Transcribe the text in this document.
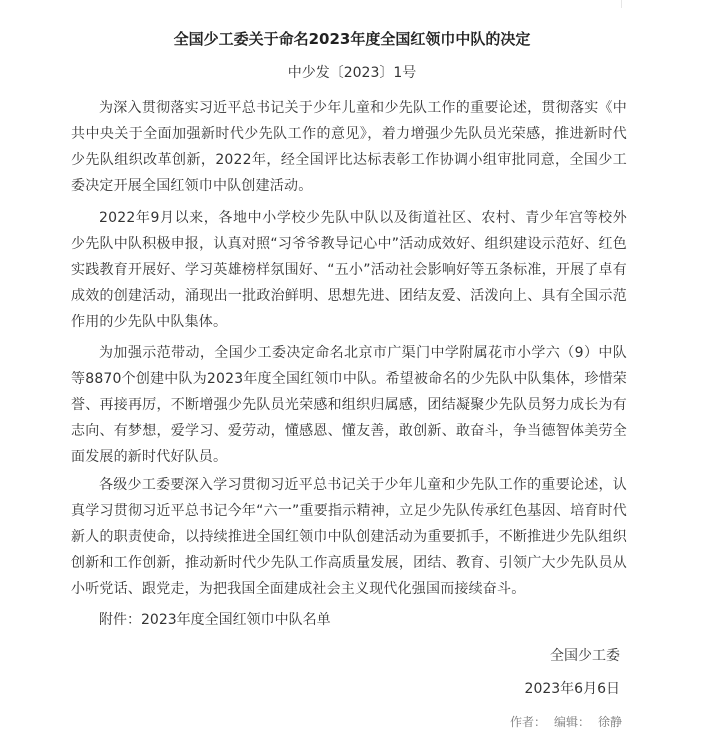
全国少工委关于命名2023年度全国红领巾中队的决定
中少发〔2023〕1号

为深入贯彻落实习近平总书记关于少年儿童和少先队工作的重要论述，贯彻落实《中共中央关于全面加强新时代少先队工作的意见》，着力增强少先队员光荣感，推进新时代少先队组织改革创新，2022年，经全国评比达标表彰工作协调小组审批同意，全国少工委决定开展全国红领巾中队创建活动。

2022年9月以来，各地中小学校少先队中队以及街道社区、农村、青少年宫等校外少先队中队积极申报，认真对照“习爷爷教导记心中”活动成效好、组织建设示范好、红色实践教育开展好、学习英雄榜样氛围好、“五小”活动社会影响好等五条标准，开展了卓有成效的创建活动，涌现出一批政治鲜明、思想先进、团结友爱、活泼向上、具有全国示范作用的少先队中队集体。

为加强示范带动，全国少工委决定命名北京市广渠门中学附属花市小学六（9）中队等8870个创建中队为2023年度全国红领巾中队。希望被命名的少先队中队集体，珍惜荣誉、再接再厉，不断增强少先队员光荣感和组织归属感，团结凝聚少先队员努力成长为有志向、有梦想，爱学习、爱劳动，懂感恩、懂友善，敢创新、敢奋斗，争当德智体美劳全面发展的新时代好队员。

各级少工委要深入学习贯彻习近平总书记关于少年儿童和少先队工作的重要论述，认真学习贯彻习近平总书记今年“六一”重要指示精神，立足少先队传承红色基因、培育时代新人的职责使命，以持续推进全国红领巾中队创建活动为重要抓手，不断推进少先队组织创新和工作创新，推动新时代少先队工作高质量发展，团结、教育、引领广大少先队员从小听党话、跟党走，为把我国全面建成社会主义现代化强国而接续奋斗。

附件：2023年度全国红领巾中队名单
全国少工委
2023年6月6日
作者： 编辑： 徐静
